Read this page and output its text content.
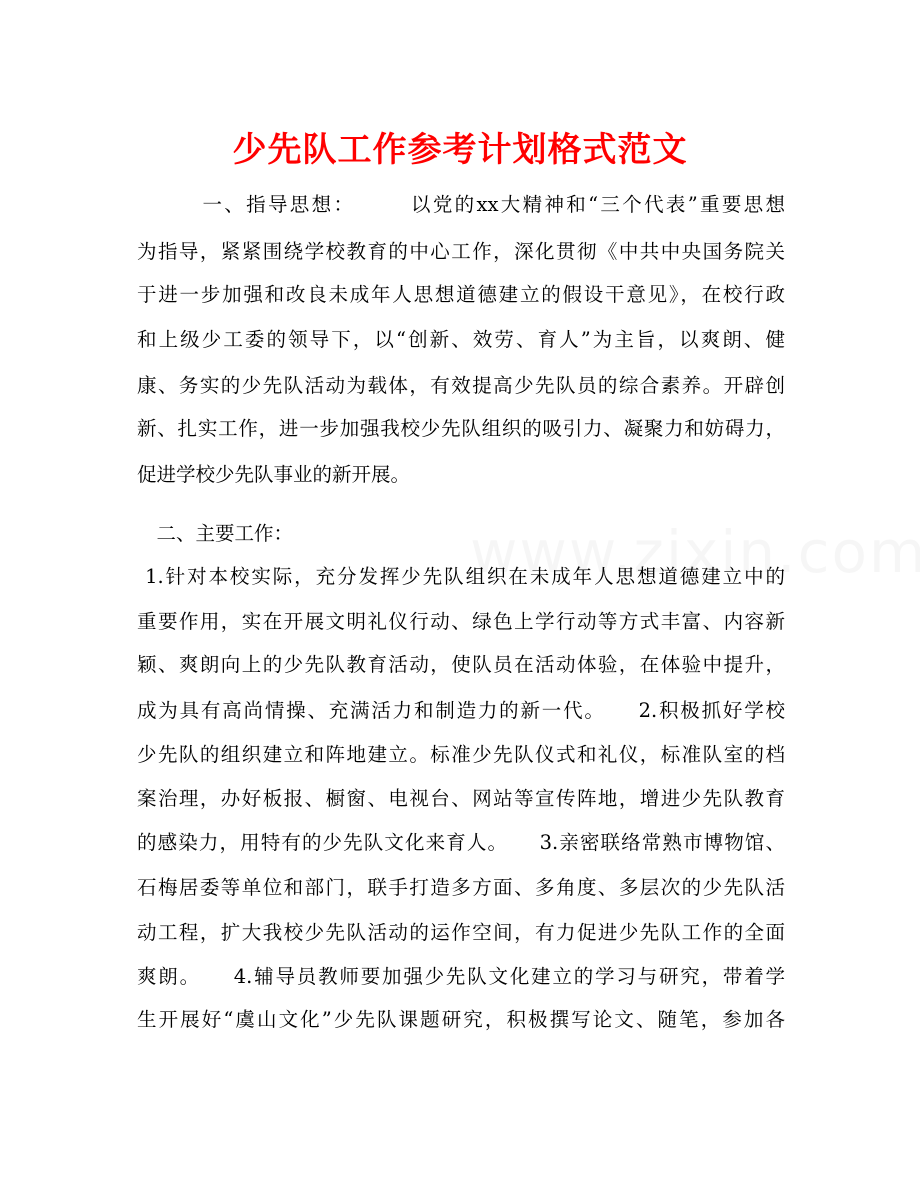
少先队工作参考计划格式范文
　　　一、指导思想：　　　以党的xx大精神和“三个代表”重要思想
为指导，紧紧围绕学校教育的中心工作，深化贯彻《中共中央国务院关
于进一步加强和改良未成年人思想道德建立的假设干意见》，在校行政
和上级少工委的领导下，以“创新、效劳、育人”为主旨，以爽朗、健
康、务实的少先队活动为载体，有效提高少先队员的综合素养。开辟创
新、扎实工作，进一步加强我校少先队组织的吸引力、凝聚力和妨碍力，
促进学校少先队事业的新开展。
　二、主要工作：
1.针对本校实际，充分发挥少先队组织在未成年人思想道德建立中的
重要作用，实在开展文明礼仪行动、绿色上学行动等方式丰富、内容新
颖、爽朗向上的少先队教育活动，使队员在活动体验，在体验中提升，
成为具有高尚情操、充满活力和制造力的新一代。　　2.积极抓好学校
少先队的组织建立和阵地建立。标准少先队仪式和礼仪，标准队室的档
案治理，办好板报、橱窗、电视台、网站等宣传阵地，增进少先队教育
的感染力，用特有的少先队文化来育人。　　3.亲密联络常熟市博物馆、
石梅居委等单位和部门，联手打造多方面、多角度、多层次的少先队活
动工程，扩大我校少先队活动的运作空间，有力促进少先队工作的全面
爽朗。　　4.辅导员教师要加强少先队文化建立的学习与研究，带着学
生开展好“虞山文化”少先队课题研究，积极撰写论文、随笔，参加各
